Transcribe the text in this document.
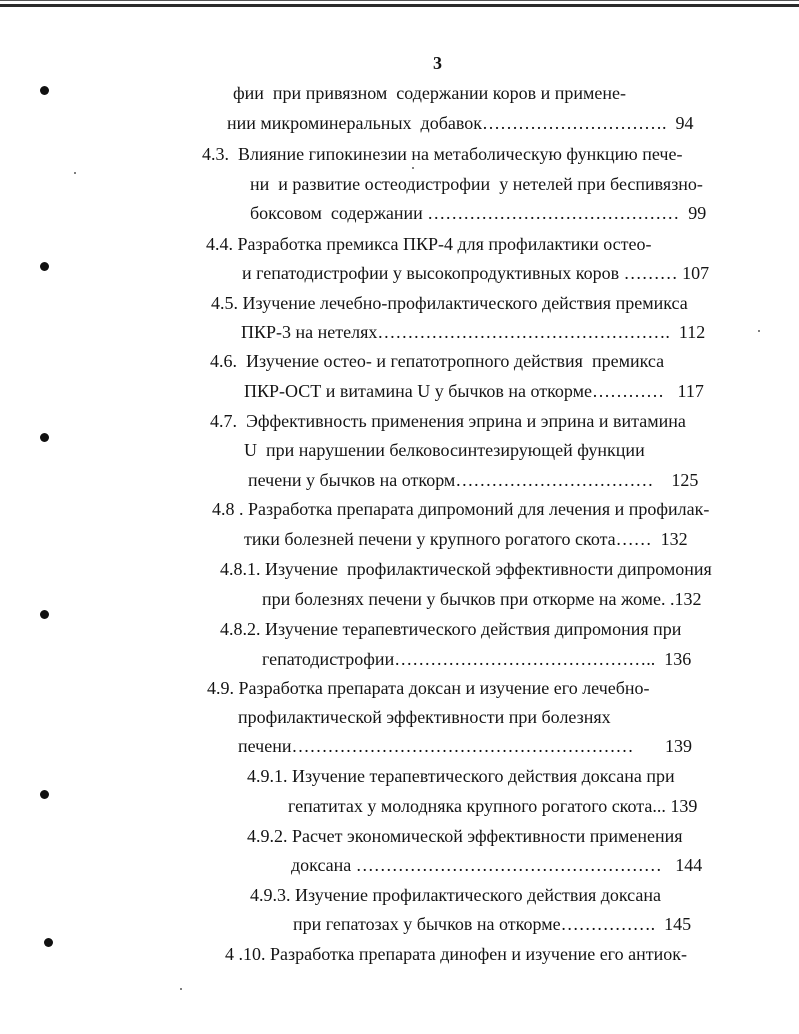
3
фии  при привязном  содержании коров и примене-
нии микроминеральных  добавок………………………….  94
4.3.  Влияние гипокинезии на метаболическую функцию пече-
ни  и развитие остеодистрофии  у нетелей при беспивязно-
боксовом  содержании ……………………………………  99
4.4. Разработка премикса ПКР-4 для профилактики остео-
и гепатодистрофии у высокопродуктивных коров ……… 107
4.5. Изучение лечебно-профилактического действия премикса
ПКР-3 на нетелях………………………………………….  112
4.6.  Изучение остео- и гепатотропного действия  премикса
ПКР-ОСТ и витамина U у бычков на откорме…………   117
4.7.  Эффективность применения эприна и эприна и витамина
U  при нарушении белковосинтезирующей функции
печени у бычков на откорм……………………………    125
4.8 . Разработка препарата дипромоний для лечения и профилак-
тики болезней печени у крупного рогатого скота……  132
4.8.1. Изучение  профилактической эффективности дипромония
при болезнях печени у бычков при откорме на жоме. .132
4.8.2. Изучение терапевтического действия дипромония при
гепатодистрофии……………………………………..  136
4.9. Разработка препарата доксан и изучение его лечебно-
профилактической эффективности при болезнях
печени…………………………………………………       139
4.9.1. Изучение терапевтического действия доксана при
гепатитах у молодняка крупного рогатого скота... 139
4.9.2. Расчет экономической эффективности применения
доксана ……………………………………………   144
4.9.3. Изучение профилактического действия доксана
при гепатозах у бычков на откорме…………….  145
4 .10. Разработка препарата динофен и изучение его антиок-
